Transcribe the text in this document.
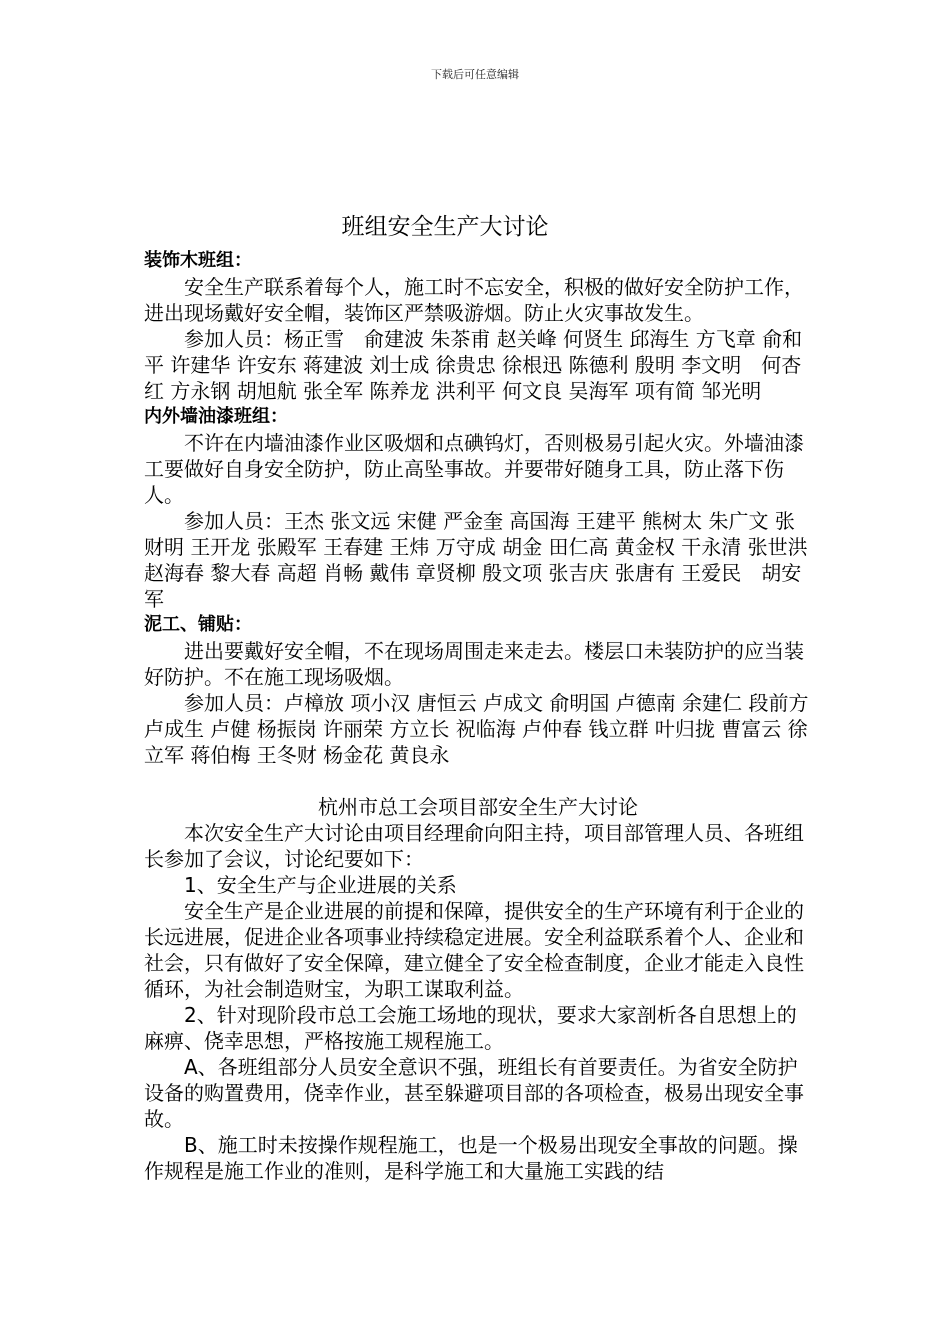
下载后可任意编辑
班组安全生产大讨论

装饰木班组：

安全生产联系着每个人，施工时不忘安全，积极的做好安全防护工作，进出现场戴好安全帽，装饰区严禁吸游烟。防止火灾事故发生。

参加人员：杨正雪　俞建波 朱茶甫 赵关峰 何贤生 邱海生 方飞章 俞和平 许建华 许安东 蒋建波 刘士成 徐贵忠 徐根迅 陈德利 殷明 李文明　何杏红 方永钢 胡旭航 张全军 陈养龙 洪利平 何文良 吴海军 项有简 邹光明

内外墙油漆班组：

不许在内墙油漆作业区吸烟和点碘钨灯，否则极易引起火灾。外墙油漆工要做好自身安全防护，防止高坠事故。并要带好随身工具，防止落下伤人。

参加人员：王杰 张文远 宋健 严金奎 高国海 王建平 熊树太 朱广文 张财明 王开龙 张殿军 王春建 王炜 万守成 胡金 田仁高 黄金权 干永清 张世洪 赵海春 黎大春 高超 肖畅 戴伟 章贤柳 殷文项 张吉庆 张唐有 王爱民　胡安军

泥工、铺贴：

进出要戴好安全帽，不在现场周围走来走去。楼层口未装防护的应当装好防护。不在施工现场吸烟。

参加人员：卢樟放 项小汉 唐恒云 卢成文 俞明国 卢德南 余建仁 段前方 卢成生 卢健 杨振岗 许丽荣 方立长 祝临海 卢仲春 钱立群 叶归拢 曹富云 徐立军 蒋伯梅 王冬财 杨金花 黄良永

杭州市总工会项目部安全生产大讨论

本次安全生产大讨论由项目经理俞向阳主持，项目部管理人员、各班组长参加了会议，讨论纪要如下：

1、安全生产与企业进展的关系

安全生产是企业进展的前提和保障，提供安全的生产环境有利于企业的长远进展，促进企业各项事业持续稳定进展。安全利益联系着个人、企业和社会，只有做好了安全保障，建立健全了安全检查制度，企业才能走入良性循环，为社会制造财宝，为职工谋取利益。

2、针对现阶段市总工会施工场地的现状，要求大家剖析各自思想上的麻痹、侥幸思想，严格按施工规程施工。

A、各班组部分人员安全意识不强，班组长有首要责任。为省安全防护设备的购置费用，侥幸作业，甚至躲避项目部的各项检查，极易出现安全事故。

B、施工时未按操作规程施工，也是一个极易出现安全事故的问题。操作规程是施工作业的准则，是科学施工和大量施工实践的结
